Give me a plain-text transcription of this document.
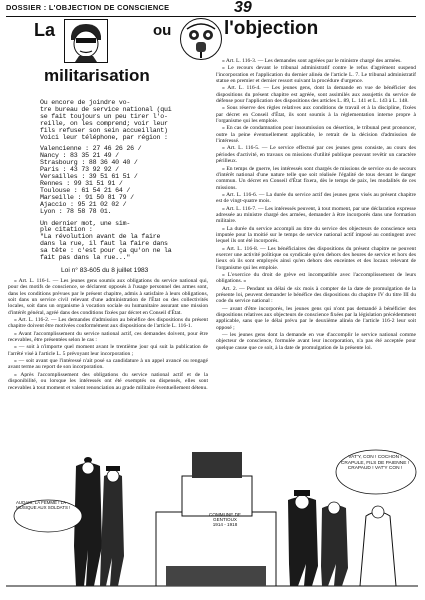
DOSSIER : L'OBJECTION DE CONSCIENCE	39
La	ou	l'objection
militarisation
Ou encore de joindre vo-
tre bureau de service national (qui
se fait toujours un peu tirer l'o-
reille, on les comprend; voir leur
fils refuser son sein accueillant)
Voici leur téléphone, par région :
Valencienne : 27 46 26 26 /
Nancy : 83 35 21 49 /
Strasbourg : 88 36 40 40 /
Paris : 43 73 92 92 /
Versailles : 39 51 61 51 /
Rennes : 99 31 51 91 /
Toulouse : 61 54 21 64 /
Marseille : 91 50 81 79 /
Ajaccio : 95 21 02 02 /
Lyon : 78 58 78 01.
Un dernier mot, une sim-
ple citation :
"La révolution avant de la faire
dans la rue, il faut la faire dans
sa tête : c'est pour ça qu'on ne la
fait pas dans la rue..."
Loi n° 83-605 du 8 juillet 1983

« Art. L. 116-1. — Les jeunes gens soumis aux obligations du service national qui, pour des motifs de conscience, se déclarent opposés à l'usage personnel des armes sont, dans les conditions prévues par le présent chapitre, admis à satisfaire à leurs obligations, soit dans un service civil relevant d'une administration de l'État ou des collectivités locales, soit dans un organisme à vocation sociale ou humanitaire assurant une mission d'intérêt général, agréé dans des conditions fixées par décret en Conseil d'État.

« Art. L. 116-2. — Les demandes d'admission au bénéfice des dispositions du présent chapitre doivent être motivées conformément aux dispositions de l'article L. 116-1.

« Avant l'accomplissement du service national actif, ces demandes doivent, pour être recevables, être présentées selon le cas :

« — soit à n'importe quel moment avant le trentième jour qui suit la publication de l'arrêté visé à l'article L. 5 prévoyant leur incorporation ;

« — soit avant que l'intéressé n'ait posé sa candidature à un appel avancé ou rengagé avant terme au report de son incorporation.

« Après l'accomplissement des obligations du service national actif et de la disponibilité, ou lorsque les intéressés ont été exemptés ou dispensés, elles sont recevables à tout moment et valent renonciation au grade militaire éventuellement détenu.

« Art. L. 116-3. — Les demandes sont agréées par le ministre chargé des armées.

« Le recours devant le tribunal administratif contre le refus d'agrément suspend l'incorporation et l'application du dernier alinéa de l'article L. 7. Le tribunal administratif statue en premier et dernier ressort suivant la procédure d'urgence.

« Art. L. 116-4. — Les jeunes gens, dont la demande en vue de bénéficier des dispositions du présent chapitre est agréée, sont assimilés aux assujettis du service de défense pour l'application des dispositions des articles L. 89, L. 141 et L. 143 à L. 148.

« Sous réserve des règles relatives aux conditions de travail et à la discipline, fixées par décret en Conseil d'État, ils sont soumis à la réglementation interne propre à l'organisme qui les emploie.

« En cas de condamnation pour insoumission ou désertion, le tribunal peut prononcer, outre la peine éventuellement applicable, le retrait de la décision d'admission de l'intéressé.

« Art. L. 116-5. — Le service effectué par ces jeunes gens consiste, au cours des périodes d'activité, en travaux ou missions d'utilité publique pouvant revêtir un caractère périlleux.

« En temps de guerre, les intéressés sont chargés de missions de service ou de secours d'intérêt national d'une nature telle que soit réalisée l'égalité de tous devant le danger commun. Un décret en Conseil d'État fixera, dès le temps de paix, les modalités de ces missions.

« Art. L. 116-6. — La durée du service actif des jeunes gens visés au présent chapitre est de vingt-quatre mois.

« Art. L. 116-7. — Les intéressés peuvent, à tout moment, par une déclaration expresse adressée au ministre chargé des armées, demander à être incorporés dans une formation militaire.

« La durée du service accompli au titre du service des objecteurs de conscience sera imputée pour la moitié sur le temps de service national actif imposé au contingent avec lequel ils ont été incorporés.

« Art. L. 116-8. — Les bénéficiaires des dispositions du présent chapitre ne peuvent exercer une activité politique ou syndicale qu'en dehors des heures de service et hors des lieux où ils sont employés ainsi qu'en dehors des enceintes et des locaux relevant de l'organisme qui les emploie.

« L'exercice du droit de grève est incompatible avec l'accomplissement de leurs obligations. »

Art. 2. — Pendant un délai de six mois à compter de la date de promulgation de la présente loi, peuvent demander le bénéfice des dispositions du chapitre IV du titre III du code du service national :

— avant d'être incorporés, les jeunes gens qui n'ont pas demandé à bénéficier des dispositions relatives aux objecteurs de conscience fixées par la législation précédemment applicable, sans que le délai prévu par le deuxième alinéa de l'article 116-2 leur soit opposé ;

— les jeunes gens dont la demande en vue d'accomplir le service national comme objecteur de conscience, formulée avant leur incorporation, n'a pas été acceptée pour quelque cause que ce soit, à la date de promulgation de la présente loi.

COMMUNE DE GENTIOUX
1914 - 1918
VAT'Y, CON ! COCHON ! CRAPULE, FILS DE PAIENNE ! CRAPAUD ! VAT'Y CON !
AUDAIS, LA FEMME ! LA MUSIQUE AUX SOLDATS !
